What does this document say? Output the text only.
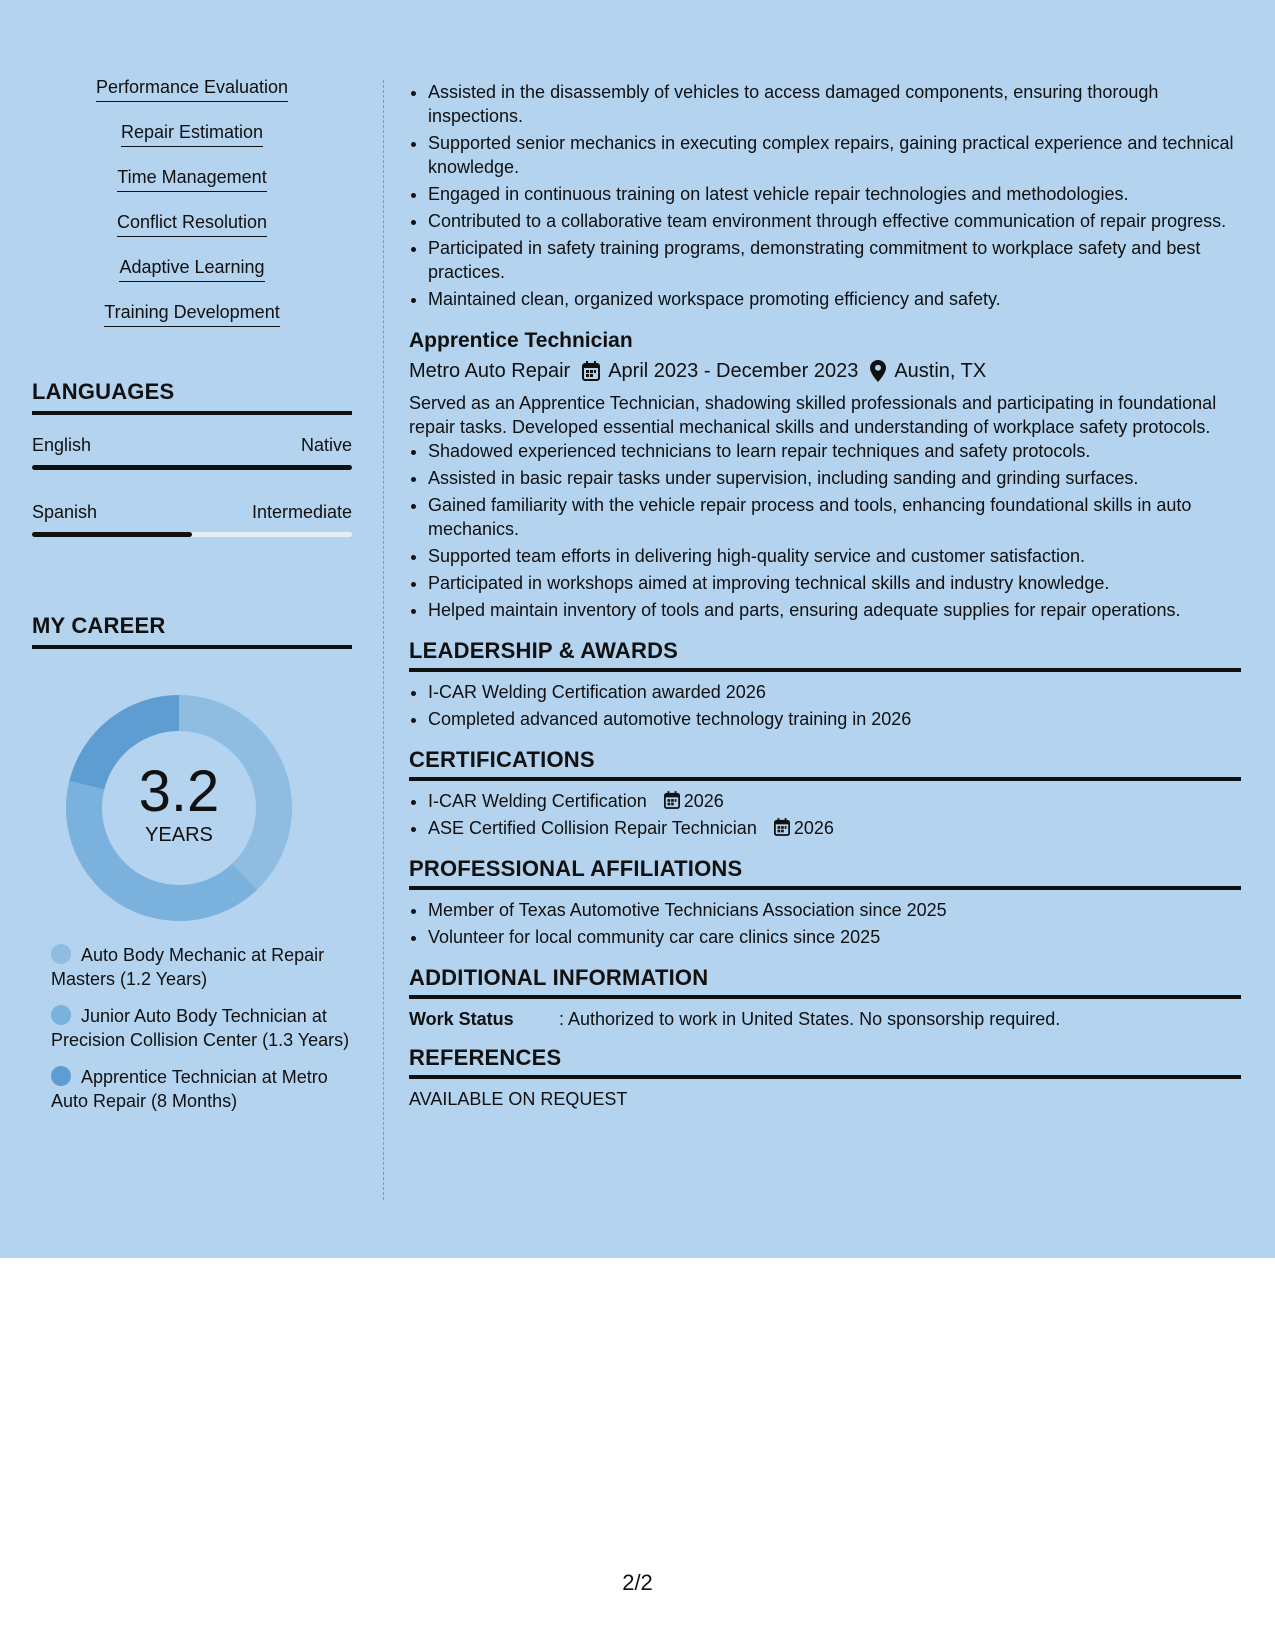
Performance Evaluation
Repair Estimation
Time Management
Conflict Resolution
Adaptive Learning
Training Development
LANGUAGES
English	Native
Spanish	Intermediate
MY CAREER
3.2
YEARS
Auto Body Mechanic at Repair Masters (1.2 Years)
Junior Auto Body Technician at Precision Collision Center (1.3 Years)
Apprentice Technician at Metro Auto Repair (8 Months)
• Assisted in the disassembly of vehicles to access damaged components, ensuring thorough inspections.
• Supported senior mechanics in executing complex repairs, gaining practical experience and technical knowledge.
• Engaged in continuous training on latest vehicle repair technologies and methodologies.
• Contributed to a collaborative team environment through effective communication of repair progress.
• Participated in safety training programs, demonstrating commitment to workplace safety and best practices.
• Maintained clean, organized workspace promoting efficiency and safety.
Apprentice Technician
Metro Auto Repair April 2023 - December 2023 Austin, TX
Served as an Apprentice Technician, shadowing skilled professionals and participating in foundational repair tasks. Developed essential mechanical skills and understanding of workplace safety protocols.
• Shadowed experienced technicians to learn repair techniques and safety protocols.
• Assisted in basic repair tasks under supervision, including sanding and grinding surfaces.
• Gained familiarity with the vehicle repair process and tools, enhancing foundational skills in auto mechanics.
• Supported team efforts in delivering high-quality service and customer satisfaction.
• Participated in workshops aimed at improving technical skills and industry knowledge.
• Helped maintain inventory of tools and parts, ensuring adequate supplies for repair operations.
LEADERSHIP & AWARDS
• I-CAR Welding Certification awarded 2026
• Completed advanced automotive technology training in 2026
CERTIFICATIONS
• I-CAR Welding Certification 2026
• ASE Certified Collision Repair Technician 2026
PROFESSIONAL AFFILIATIONS
• Member of Texas Automotive Technicians Association since 2025
• Volunteer for local community car care clinics since 2025
ADDITIONAL INFORMATION
Work Status	: Authorized to work in United States. No sponsorship required.
REFERENCES
AVAILABLE ON REQUEST
2/2
